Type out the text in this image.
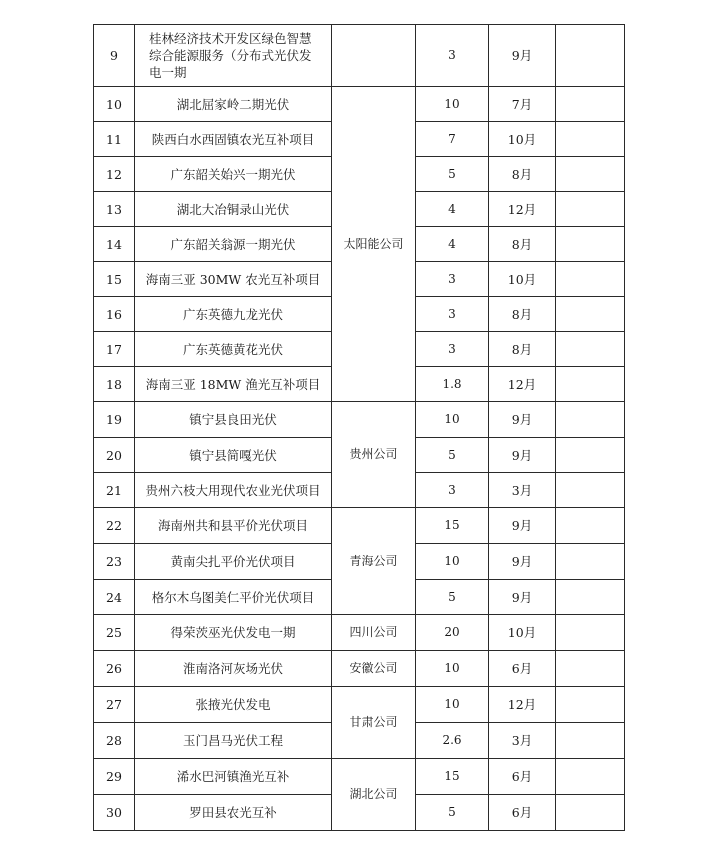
9	桂林经济技术开发区绿色智慧综合能源服务（分布式光伏发电一期		3	9月	
10	湖北屈家岭二期光伏	太阳能公司	10	7月	
11	陕西白水西固镇农光互补项目		7	10月	
12	广东韶关始兴一期光伏		5	8月	
13	湖北大冶铜录山光伏		4	12月	
14	广东韶关翁源一期光伏		4	8月	
15	海南三亚 30MW 农光互补项目		3	10月	
16	广东英德九龙光伏		3	8月	
17	广东英德黄花光伏		3	8月	
18	海南三亚 18MW 渔光互补项目		1.8	12月	
19	镇宁县良田光伏	贵州公司	10	9月	
20	镇宁县简嘎光伏		5	9月	
21	贵州六枝大用现代农业光伏项目		3	3月	
22	海南州共和县平价光伏项目	青海公司	15	9月	
23	黄南尖扎平价光伏项目		10	9月	
24	格尔木乌图美仁平价光伏项目		5	9月	
25	得荣茨巫光伏发电一期	四川公司	20	10月	
26	淮南洛河灰场光伏	安徽公司	10	6月	
27	张掖光伏发电	甘肃公司	10	12月	
28	玉门昌马光伏工程		2.6	3月	
29	浠水巴河镇渔光互补	湖北公司	15	6月	
30	罗田县农光互补		5	6月	
